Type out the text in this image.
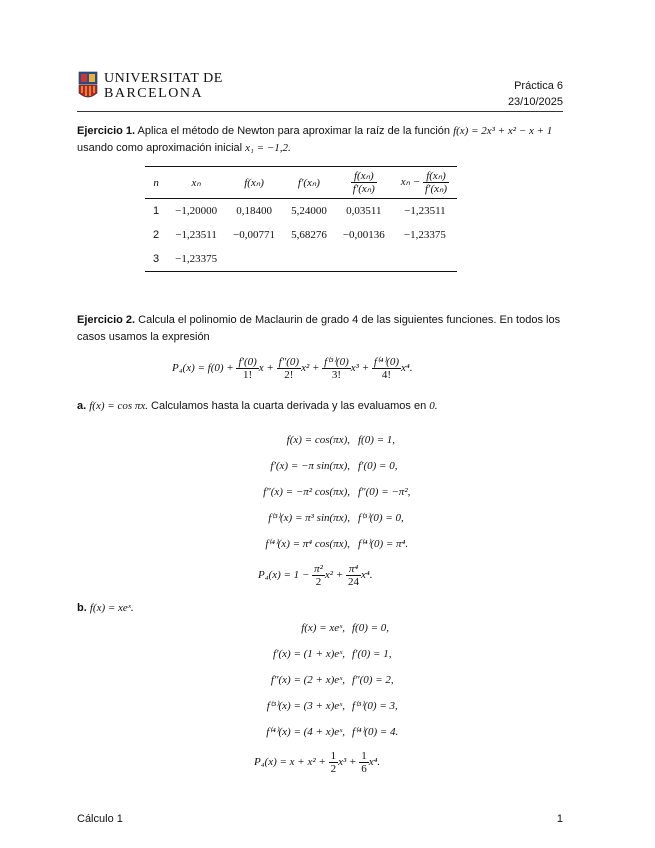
UNIVERSITAT DE
BARCELONA	Práctica 6
23/10/2025
Ejercicio 1. Aplica el método de Newton para aproximar la raíz de la función f(x) = 2x³ + x² − x + 1
usando como aproximación inicial x₁ = −1,2.
n	xₙ	f(xₙ)	f′(xₙ)	$\frac{\text{f(xₙ)}}{\text{f′(xₙ)}}$	$x_n - \frac{\text{f(xₙ)}}{\text{f′(xₙ)}}$

1	−1,20000	0,18400	5,24000	0,03511	−1,23511
2	−1,23511	−0,00771	5,68276	−0,00136	−1,23375
3	−1,23375				
Ejercicio 2. Calcula el polinomio de Maclaurin de grado 4 de las siguientes funciones. En todos los
casos usamos la expresión
$P_4(x) = f(0) + \frac{f'(0)}{1!}$ $x + \frac{f''(0)}{2!} x^2 + \frac{\text{f⁽³⁾(0)}}{3!} x^3 + \frac{\text{f⁽⁴⁾(0)}}{4!} x^4$.
a. f(x) = cos πx. Calculamos hasta la cuarta derivada y las evaluamos en 0.
f(x) = cos(πx),
f′(x) = −π sin(πx),
f″(x) = −π² cos(πx),
f⁽³⁾(x) = π³ sin(πx),
f⁽⁴⁾(x) = π⁴ cos(πx),
f(0) = 1,
f′(0) = 0,
f″(0) = −π²,
f⁽³⁾(0) = 0,
f⁽⁴⁾(0) = π⁴.
$P_4(x) = 1 - \frac{\text{π²}}{2} x^2 + \frac{\text{π⁴}}{24} x^4$.
b. f(x) = xeˣ.
f(x) = xeˣ,
f′(x) = (1 + x)eˣ,
f″(x) = (2 + x)eˣ,
f⁽³⁾(x) = (3 + x)eˣ,
f⁽⁴⁾(x) = (4 + x)eˣ,
f(0) = 0,
f′(0) = 1,
f″(0) = 2,
f⁽³⁾(0) = 3,
f⁽⁴⁾(0) = 4.
$P_4(x) = x + x^2 + \frac{1}{2} x^3 + \frac{1}{6} x^4$.
Cálculo 1	1
